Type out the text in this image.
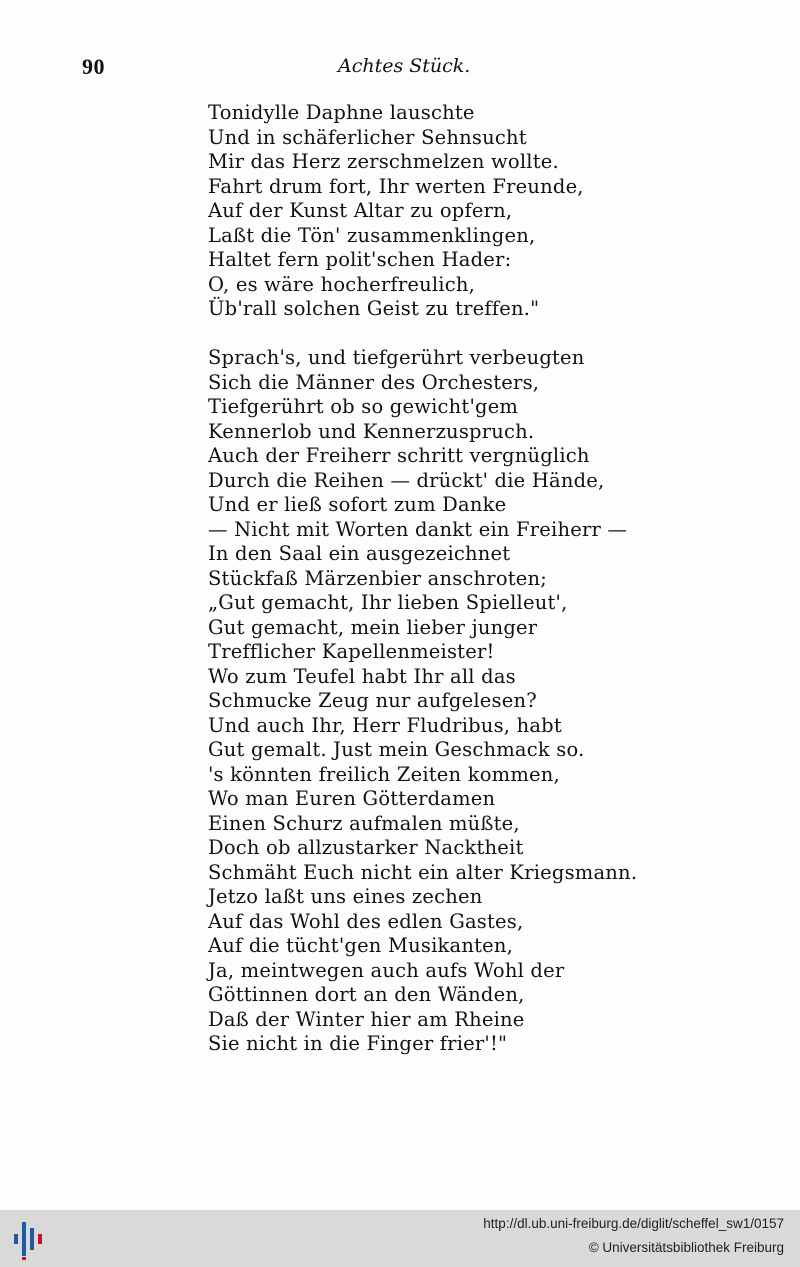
90	Achtes Stück.
Tonidylle Daphne lauschte
Und in schäferlicher Sehnsucht
Mir das Herz zerschmelzen wollte.
Fahrt drum fort, Ihr werten Freunde,
Auf der Kunst Altar zu opfern,
Laßt die Tön' zusammenklingen,
Haltet fern polit'schen Hader:
O, es wäre hocherfreulich,
Üb'rall solchen Geist zu treffen."
Sprach's, und tiefgerührt verbeugten
Sich die Männer des Orchesters,
Tiefgerührt ob so gewicht'gem
Kennerlob und Kennerzuspruch.
Auch der Freiherr schritt vergnüglich
Durch die Reihen — drückt' die Hände,
Und er ließ sofort zum Danke
— Nicht mit Worten dankt ein Freiherr —
In den Saal ein ausgezeichnet
Stückfaß Märzenbier anschroten;
„Gut gemacht, Ihr lieben Spielleut',
Gut gemacht, mein lieber junger
Trefflicher Kapellenmeister!
Wo zum Teufel habt Ihr all das
Schmucke Zeug nur aufgelesen?
Und auch Ihr, Herr Fludribus, habt
Gut gemalt. Just mein Geschmack so.
's könnten freilich Zeiten kommen,
Wo man Euren Götterdamen
Einen Schurz aufmalen müßte,
Doch ob allzustarker Nacktheit
Schmäht Euch nicht ein alter Kriegsmann.
Jetzo laßt uns eines zechen
Auf das Wohl des edlen Gastes,
Auf die tücht'gen Musikanten,
Ja, meintwegen auch aufs Wohl der
Göttinnen dort an den Wänden,
Daß der Winter hier am Rheine
Sie nicht in die Finger frier'!"
http://dl.ub.uni-freiburg.de/diglit/scheffel_sw1/0157
© Universitätsbibliothek Freiburg
